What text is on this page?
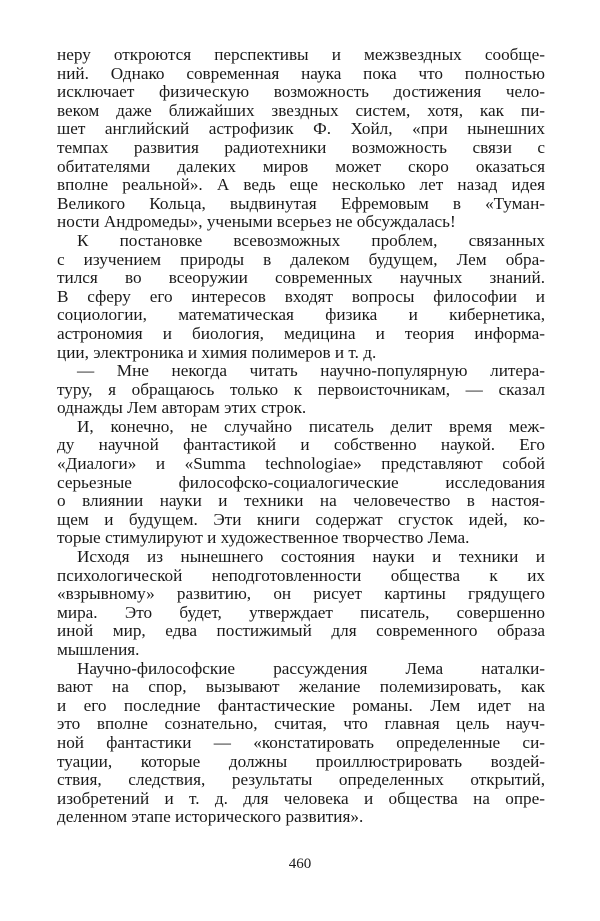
неру откроются перспективы и межзвездных сообще-
ний. Однако современная наука пока что полностью
исключает физическую возможность достижения чело-
веком даже ближайших звездных систем, хотя, как пи-
шет английский астрофизик Ф. Хойл, «при нынешних
темпах развития радиотехники возможность связи с
обитателями далеких миров может скоро оказаться
вполне реальной». А ведь еще несколько лет назад идея
Великого Кольца, выдвинутая Ефремовым в «Туман-
ности Андромеды», учеными всерьез не обсуждалась!
К постановке всевозможных проблем, связанных
с изучением природы в далеком будущем, Лем обра-
тился во всеоружии современных научных знаний.
В сферу его интересов входят вопросы философии и
социологии, математическая физика и кибернетика,
астрономия и биология, медицина и теория информа-
ции, электроника и химия полимеров и т. д.
— Мне некогда читать научно-популярную литера-
туру, я обращаюсь только к первоисточникам, — сказал
однажды Лем авторам этих строк.
И, конечно, не случайно писатель делит время меж-
ду научной фантастикой и собственно наукой. Его
«Диалоги» и «Summa technologiae» представляют собой
серьезные философско-социалогические исследования
о влиянии науки и техники на человечество в настоя-
щем и будущем. Эти книги содержат сгусток идей, ко-
торые стимулируют и художественное творчество Лема.
Исходя из нынешнего состояния науки и техники и
психологической неподготовленности общества к их
«взрывному» развитию, он рисует картины грядущего
мира. Это будет, утверждает писатель, совершенно
иной мир, едва постижимый для современного образа
мышления.
Научно-философские рассуждения Лема наталки-
вают на спор, вызывают желание полемизировать, как
и его последние фантастические романы. Лем идет на
это вполне сознательно, считая, что главная цель науч-
ной фантастики — «констатировать определенные си-
туации, которые должны проиллюстрировать воздей-
ствия, следствия, результаты определенных открытий,
изобретений и т. д. для человека и общества на опре-
деленном этапе исторического развития».
460
